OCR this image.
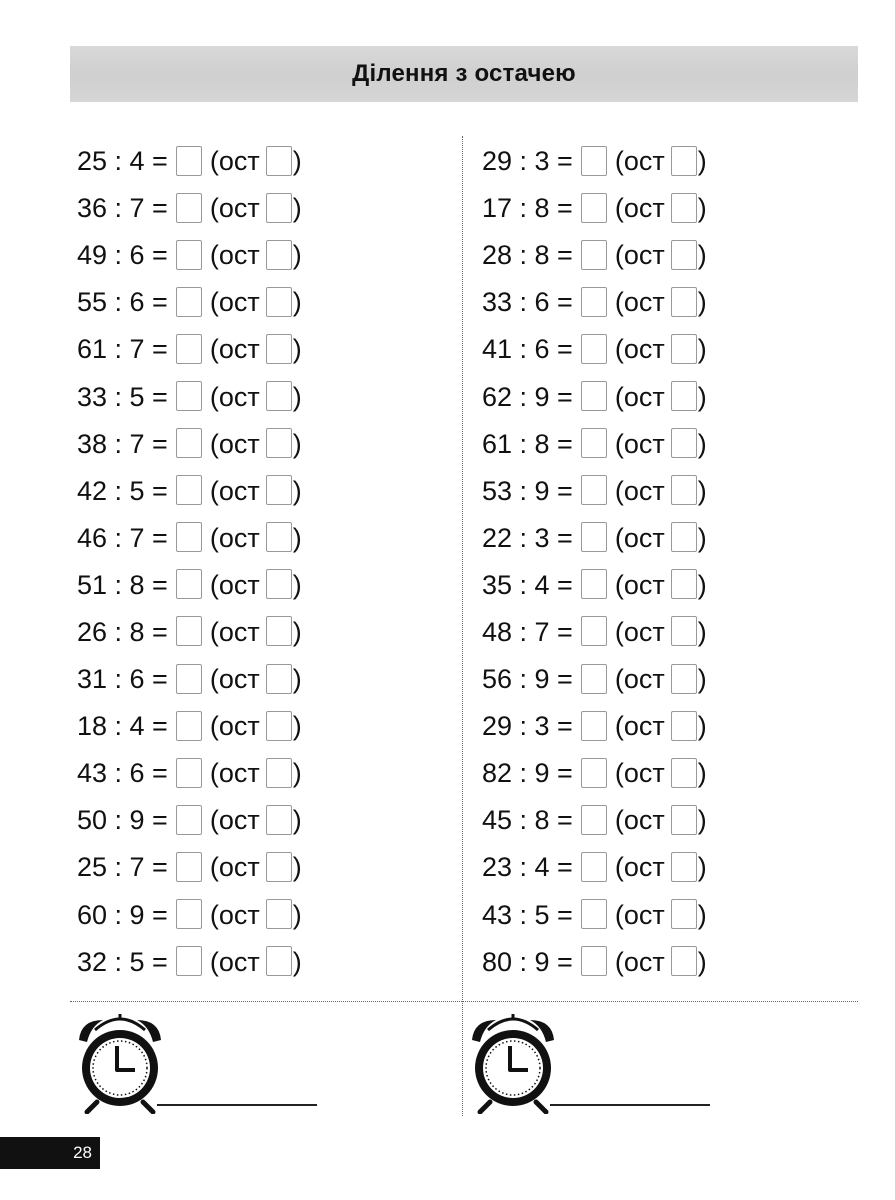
Ділення з остачею
25 : 4 = (ост )
36 : 7 = (ост )
49 : 6 = (ост )
55 : 6 = (ост )
61 : 7 = (ост )
33 : 5 = (ост )
38 : 7 = (ост )
42 : 5 = (ост )
46 : 7 = (ост )
51 : 8 = (ост )
26 : 8 = (ост )
31 : 6 = (ост )
18 : 4 = (ост )
43 : 6 = (ост )
50 : 9 = (ост )
25 : 7 = (ост )
60 : 9 = (ост )
32 : 5 = (ост )
29 : 3 = (ост )
17 : 8 = (ост )
28 : 8 = (ост )
33 : 6 = (ост )
41 : 6 = (ост )
62 : 9 = (ост )
61 : 8 = (ост )
53 : 9 = (ост )
22 : 3 = (ост )
35 : 4 = (ост )
48 : 7 = (ост )
56 : 9 = (ост )
29 : 3 = (ост )
82 : 9 = (ост )
45 : 8 = (ост )
23 : 4 = (ост )
43 : 5 = (ост )
80 : 9 = (ост )
28
